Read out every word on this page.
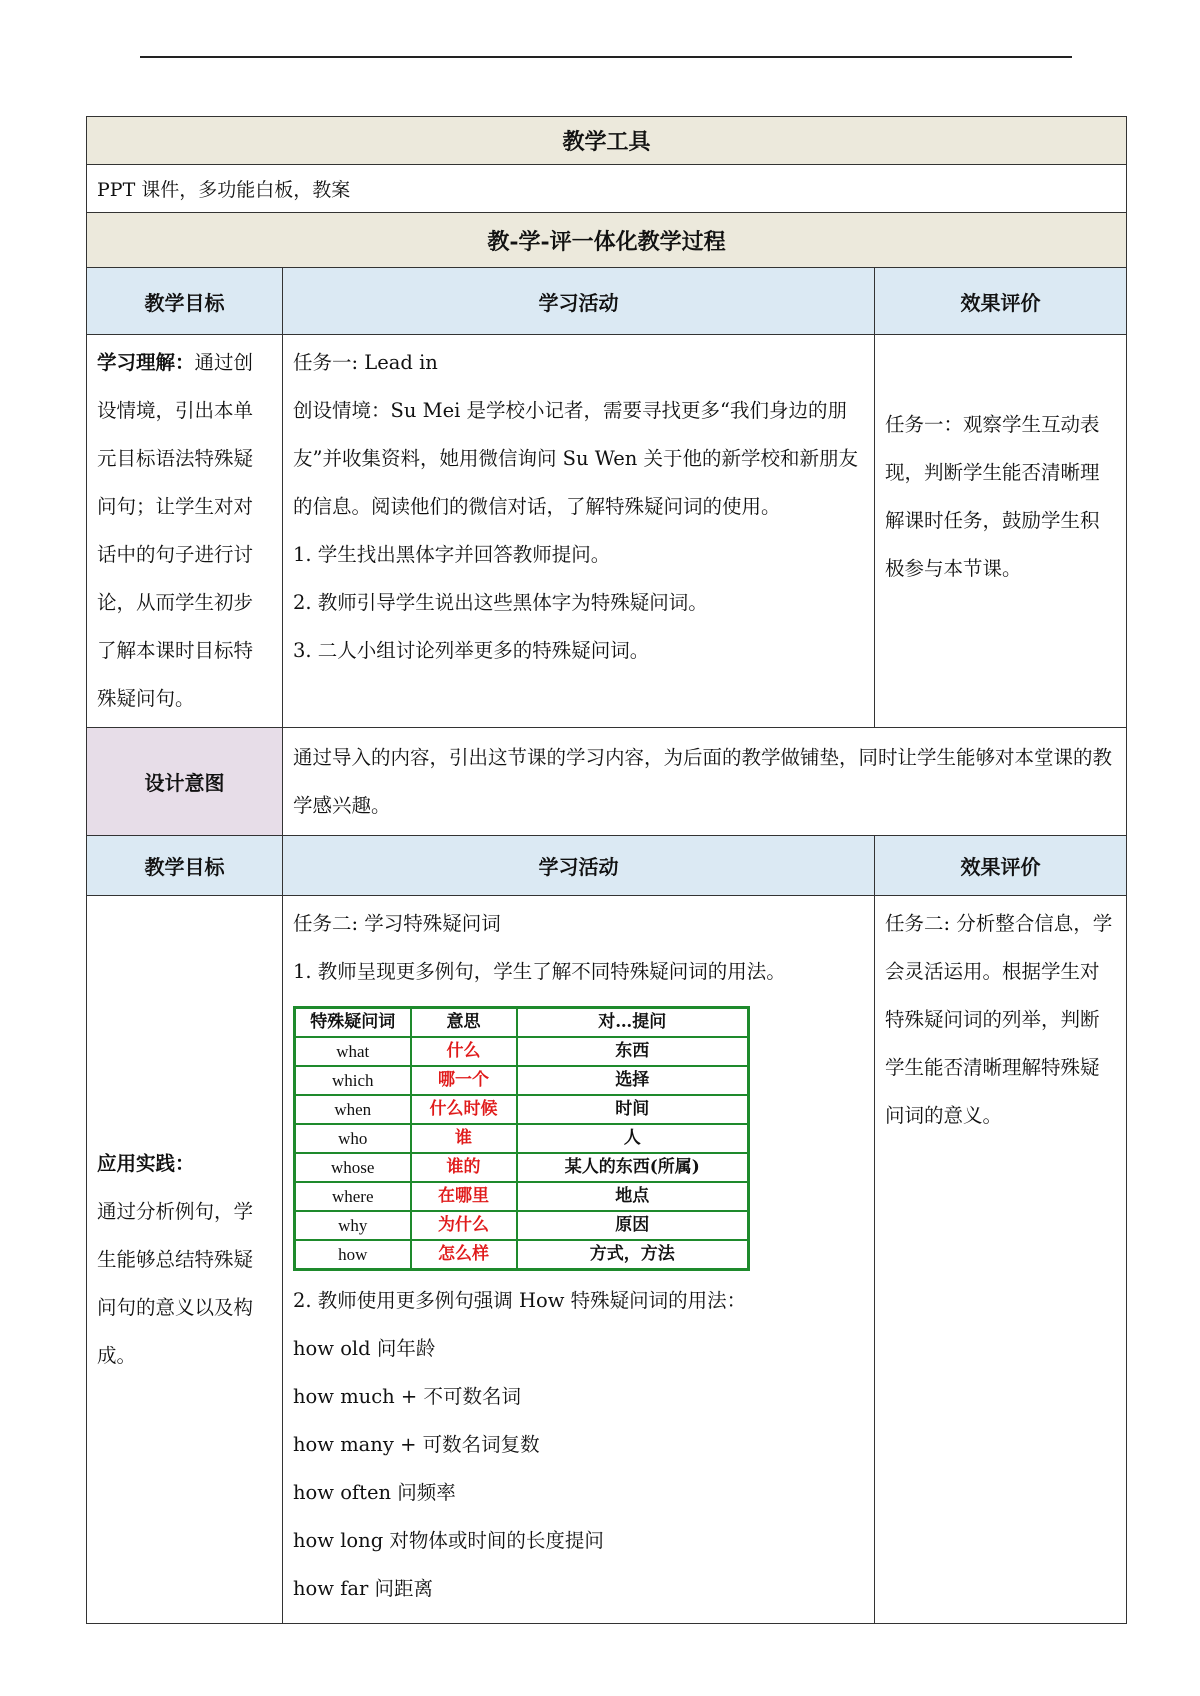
教学工具
PPT 课件，多功能白板，教案
教-学-评一体化教学过程
教学目标	学习活动	效果评价
学习理解：通过创设情境，引出本单元目标语法特殊疑问句；让学生对对话中的句子进行讨论，从而学生初步了解本课时目标特殊疑问句。	

任务一: Lead in

创设情境：Su Mei 是学校小记者，需要寻找更多“我们身边的朋友”并收集资料，她用微信询问 Su Wen 关于他的新学校和新朋友的信息。阅读他们的微信对话，了解特殊疑问词的使用。

1. 学生找出黑体字并回答教师提问。

2. 教师引导学生说出这些黑体字为特殊疑问词。

3. 二人小组讨论列举更多的特殊疑问词。

	任务一：观察学生互动表现，判断学生能否清晰理解课时任务，鼓励学生积极参与本节课。
设计意图	通过导入的内容，引出这节课的学习内容，为后面的教学做铺垫，同时让学生能够对本堂课的教学感兴趣。
教学目标	学习活动	效果评价

应用实践：

通过分析例句，学生能够总结特殊疑问句的意义以及构成。

任务二: 学习特殊疑问词

1. 教师呈现更多例句，学生了解不同特殊疑问词的用法。

特殊疑问词	意思	对…提问
what	什么	东西
which	哪一个	选择
when	什么时候	时间
who	谁	人
whose	谁的	某人的东西(所属)
where	在哪里	地点
why	为什么	原因
how	怎么样	方式，方法

2. 教师使用更多例句强调 How 特殊疑问词的用法：

how old 问年龄

how much + 不可数名词

how many + 可数名词复数

how often 问频率

how long 对物体或时间的长度提问

how far 问距离

	任务二: 分析整合信息，学会灵活运用。根据学生对特殊疑问词的列举，判断学生能否清晰理解特殊疑问词的意义。
